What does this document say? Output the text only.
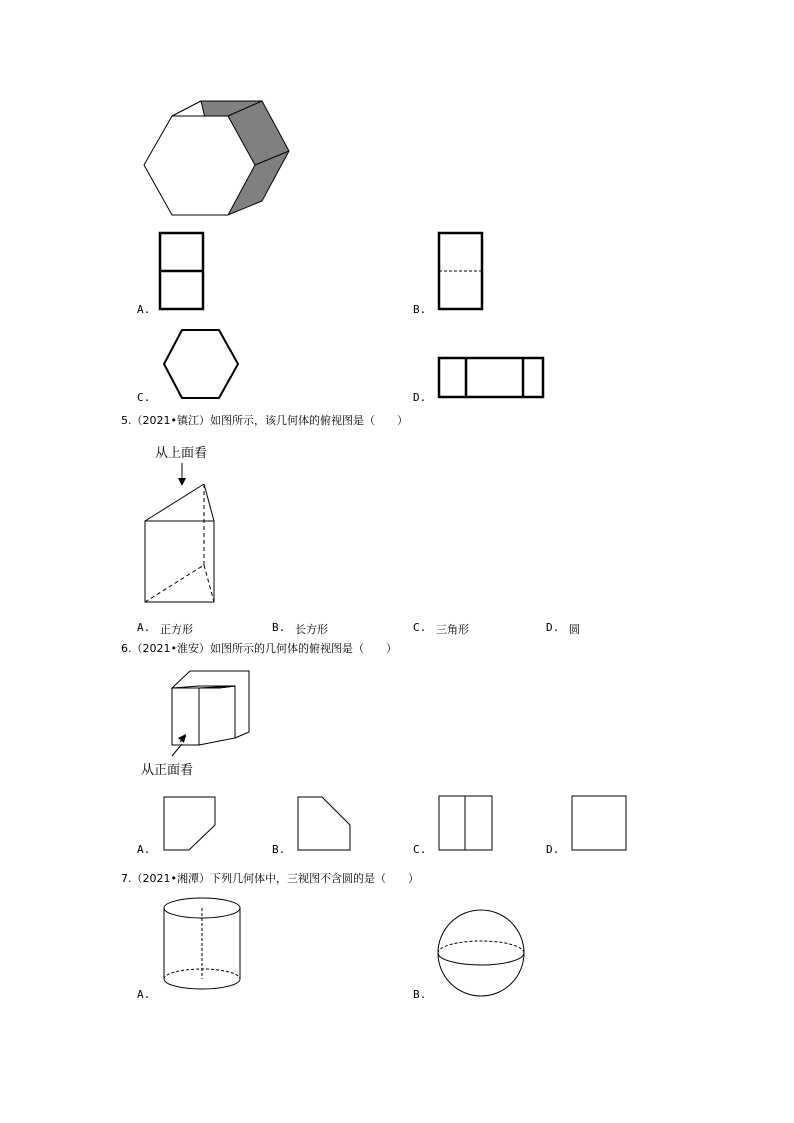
A.	B.
C.	D.
5.（2021•镇江）如图所示，该几何体的俯视图是（　　）
从上面看
A. 正方形	B. 长方形	C. 三角形	D. 圆
6.（2021•淮安）如图所示的几何体的俯视图是（　　）
从正面看
A.	B.	C.	D.
7.（2021•湘潭）下列几何体中，三视图不含圆的是（　　）
A.	B.
